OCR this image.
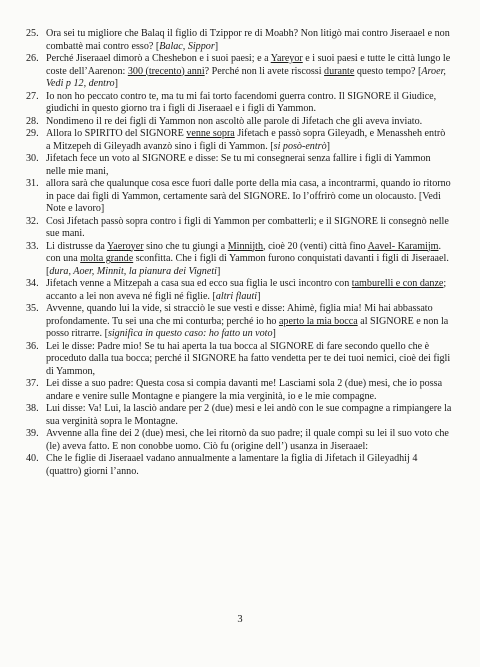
25. Ora sei tu migliore che Balaq il figlio di Tzippor re di Moabh? Non litigò mai contro Jiseraael e non combattè mai contro esso? [Balac, Sippor]
26. Perché Jiseraael dimorò a Cheshebon e i suoi paesi; e a Yareyor e i suoi paesi e tutte le città lungo le coste dell’Aarenon: 300 (trecento) anni? Perché non li avete riscossi durante questo tempo? [Aroer, Vedi p 12, dentro]
27. Io non ho peccato contro te, ma tu mi fai torto facendomi guerra contro. Il SIGNORE il Giudice, giudichi in questo giorno tra i figli di Jiseraael e i figli di Yammon.
28. Nondimeno il re dei figli di Yammon non ascoltò alle parole di Jifetach che gli aveva inviato.
29. Allora lo SPIRITO del SIGNORE venne sopra Jifetach e passò sopra Gileyadh, e Menassheh entrò a Mitzepeh di Gileyadh avanzò sino i figli di Yammon. [si posò-entrò]
30. Jifetach fece un voto al SIGNORE e disse: Se tu mi consegnerai senza fallire i figli di Yammon nelle mie mani,
31. allora sarà che qualunque cosa esce fuori dalle porte della mia casa, a incontrarmi, quando io ritorno in pace dai figli di Yammon, certamente sarà del SIGNORE. Io l’offrirò come un olocausto. [Vedi Note e lavoro]
32. Così Jifetach passò sopra contro i figli di Yammon per combatterli; e il SIGNORE li consegnò nelle sue mani.
33. Li distrusse da Yaeroyer sino che tu giungi a Minnijth, cioè 20 (venti) città fino Aavel- Karamijm. con una molta grande sconfitta. Che i figli di Yammon furono conquistati davanti i figli di Jiseraael. [dura, Aoer, Minnit, la pianura dei Vigneti]
34. Jifetach venne a Mitzepah a casa sua ed ecco sua figlia le uscì incontro con tamburelli e con danze; accanto a lei non aveva né figli né figlie. [altri flauti]
35. Avvenne, quando lui la vide, si stracciò le sue vesti e disse: Ahimè, figlia mia! Mi hai abbassato profondamente. Tu sei una che mi conturba; perché io ho aperto la mia bocca al SIGNORE e non la posso ritrarre. [significa in questo caso: ho fatto un voto]
36. Lei le disse: Padre mio! Se tu hai aperta la tua bocca al SIGNORE di fare secondo quello che è proceduto dalla tua bocca; perché il SIGNORE ha fatto vendetta per te dei tuoi nemici, cioè dei figli di Yammon,
37. Lei disse a suo padre: Questa cosa si compia davanti me! Lasciami sola 2 (due) mesi, che io possa andare e venire sulle Montagne e piangere la mia verginità, io e le mie compagne.
38. Lui disse: Va! Lui, la lasciò andare per 2 (due) mesi e lei andò con le sue compagne a rimpiangere la sua verginità sopra le Montagne.
39. Avvenne alla fine dei 2 (due) mesi, che lei ritornò da suo padre; il quale compì su lei il suo voto che (le) aveva fatto. E non conobbe uomo. Ciò fu (origine dell’) usanza in Jiseraael:
40. Che le figlie di Jiseraael vadano annualmente a lamentare la figlia di Jifetach il Gileyadhij 4 (quattro) giorni l’anno.
3
